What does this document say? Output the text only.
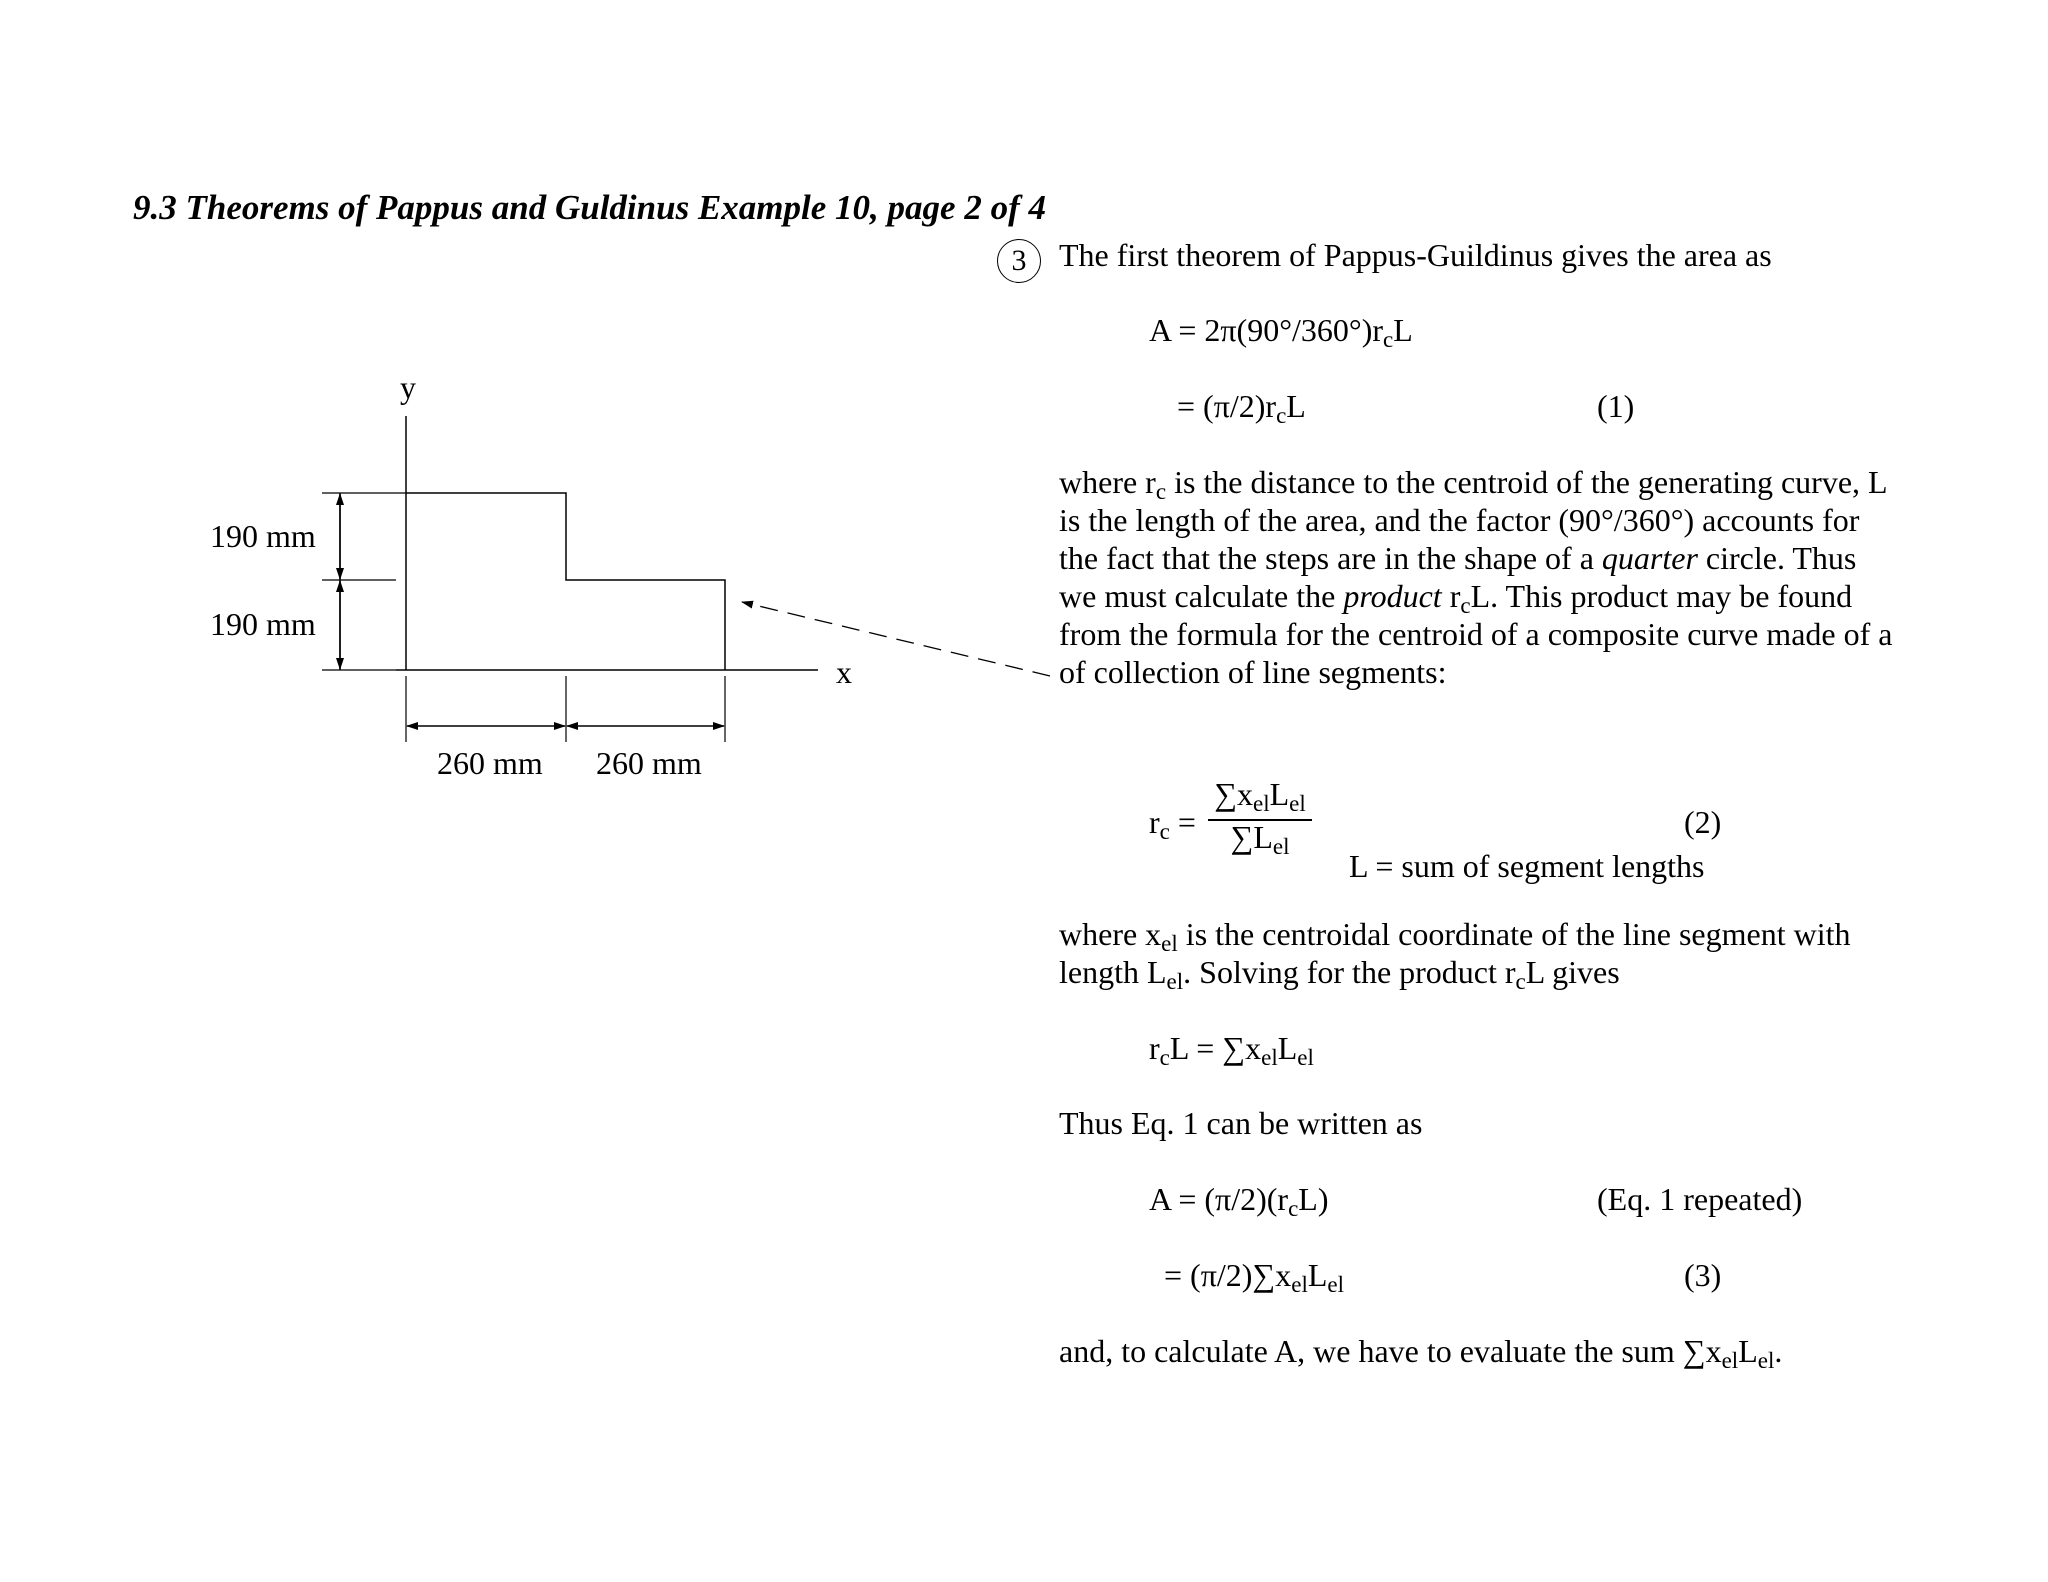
9.3 Theorems of Pappus and Guldinus Example 10, page 2 of 4
y
x
190 mm
190 mm
260 mm 260 mm
3	The first theorem of Pappus-Guildinus gives the area as
$A = 2\pi(90^\circ/360^\circ)r_cL$
= $(\pi/2)r_cL$	(1)
where $r_c$ is the distance to the centroid of the generating curve, L is the length of the area, and the factor (90°/360°) accounts for the fact that the steps are in the shape of a quarter circle. Thus we must calculate the product $r_cL$. This product may be found from the formula for the centroid of a composite curve made of a of collection of line segments:
$r_c$ =
$\sum x_{el}L_{el}$
$\sum L_{el}$
(2)
L = sum of segment lengths
where $x_{el}$ is the centroidal coordinate of the line segment with length $L_{el}$. Solving for the product $r_cL$ gives
$r_cL = \sum x_{el}L_{el}$
Thus Eq. 1 can be written as
$A = (\pi/2)(r_cL)$	(Eq. 1 repeated)
= $(\pi/2)\sum x_{el}L_{el}$	(3)
and, to calculate A, we have to evaluate the sum $\sum x_{el}L_{el}$.
